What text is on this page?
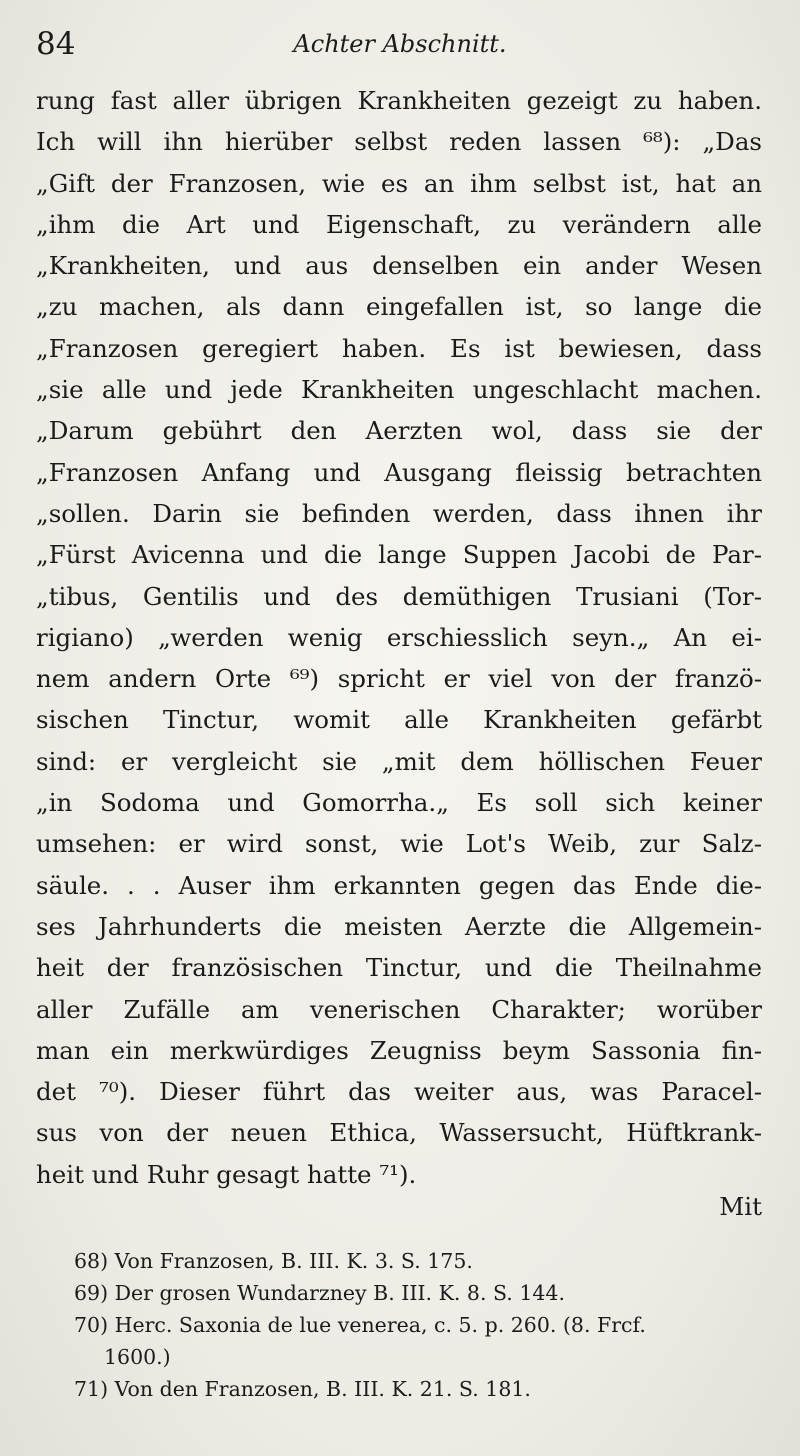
84	Achter Abschnitt.
rung fast aller übrigen Krankheiten gezeigt zu haben.
Ich will ihn hierüber selbst reden lassen ⁶⁸): „Das
„Gift der Franzosen, wie es an ihm selbst ist, hat an
„ihm die Art und Eigenschaft, zu verändern alle
„Krankheiten, und aus denselben ein ander Wesen
„zu machen, als dann eingefallen ist, so lange die
„Franzosen geregiert haben. Es ist bewiesen, dass
„sie alle und jede Krankheiten ungeschlacht machen.
„Darum gebührt den Aerzten wol, dass sie der
„Franzosen Anfang und Ausgang fleissig betrachten
„sollen. Darin sie befinden werden, dass ihnen ihr
„Fürst Avicenna und die lange Suppen Jacobi de Par-
„tibus, Gentilis und des demüthigen Trusiani (Tor-
rigiano) „werden wenig erschiesslich seyn.„ An ei-
nem andern Orte ⁶⁹) spricht er viel von der franzö-
sischen Tinctur, womit alle Krankheiten gefärbt
sind: er vergleicht sie „mit dem höllischen Feuer
„in Sodoma und Gomorrha.„ Es soll sich keiner
umsehen: er wird sonst, wie Lot's Weib, zur Salz-
säule. . . Auser ihm erkannten gegen das Ende die-
ses Jahrhunderts die meisten Aerzte die Allgemein-
heit der französischen Tinctur, und die Theilnahme
aller Zufälle am venerischen Charakter; worüber
man ein merkwürdiges Zeugniss beym Sassonia fin-
det ⁷⁰). Dieser führt das weiter aus, was Paracel-
sus von der neuen Ethica, Wassersucht, Hüftkrank-
heit und Ruhr gesagt hatte ⁷¹).
Mit
68) Von Franzosen, B. III. K. 3. S. 175.
69) Der grosen Wundarzney B. III. K. 8. S. 144.
70) Herc. Saxonia de lue venerea, c. 5. p. 260. (8. Frcf.
1600.)
71) Von den Franzosen, B. III. K. 21. S. 181.
